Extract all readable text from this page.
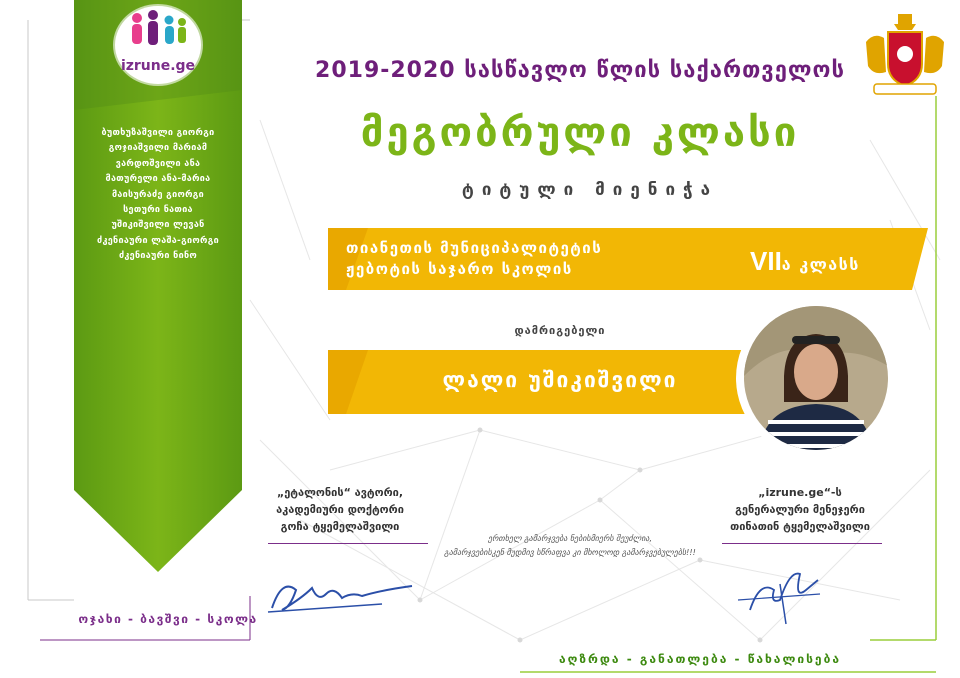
izrune.ge
ბუთხუზაშვილი გიორგი
გოჯიაშვილი მარიამ
ვარდოშვილი ანა
მათურელი ანა-მარია
მაისურაძე გიორგი
სეთური ნათია
უშიკიშვილი ლევან
ძკენიაური ლაშა-გიორგი
ძკენიაური ნინო
ოჯახი - ბავშვი - სკოლა
აღზრდა - განათლება - წახალისება
2019-2020 სასწავლო წლის საქართველოს
მეგობრული კლასი
ტიტული მიენიჭა
თიანეთის მუნიციპალიტეტის
ჟებოტის საჯარო სკოლის	VIIა კლასს
დამრიგებელი
ლალი უშიკიშვილი
„ეტალონის“ ავტორი,
აკადემიური დოქტორი
გოჩა ტყემელაშვილი
„izrune.ge“-ს
გენერალური მენეჯერი
თინათინ ტყემელაშვილი
ერთხელ გამარჯვება ნებისმიერს შეუძლია,
გამარჯვებისკენ მუდმივ სწრაფვა კი მხოლოდ გამარჯვებულებს!!!
